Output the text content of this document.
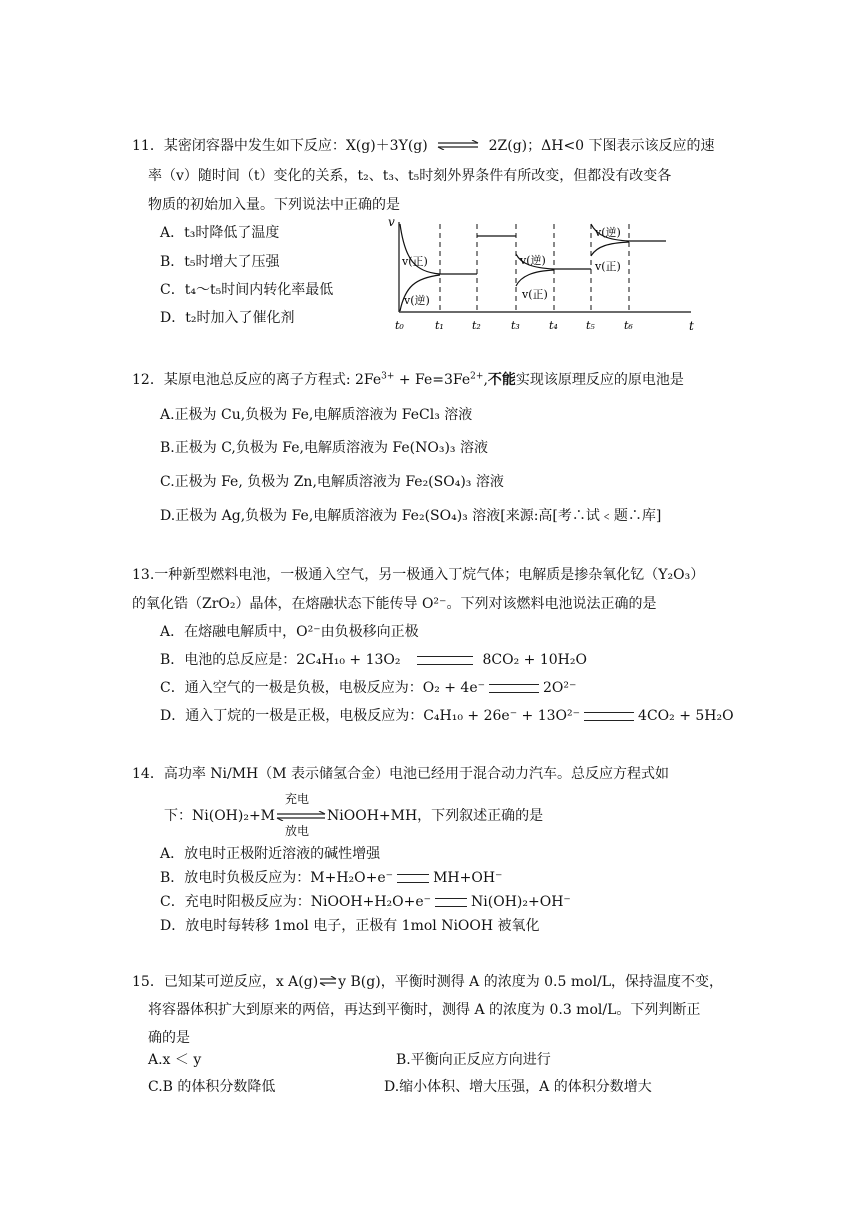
11．某密闭容器中发生如下反应：X(g)＋3Y(g) ⇌ 2Z(g)；ΔH<0 下图表示该反应的速
率（v）随时间（t）变化的关系，t₂、t₃、t₅时刻外界条件有所改变，但都没有改变各
物质的初始加入量。下列说法中正确的是
A．t₃时降低了温度
B．t₅时增大了压强
C．t₄～t₅时间内转化率最低
D．t₂时加入了催化剂
v
t
v(正)
v(逆)
v(逆)
v(正)
v(逆)
v(正)
t₀	t₁	t₂	t₃	t₄	t₅	t₆
12．某原电池总反应的离子方程式: $2Fe^{3+} + Fe=3Fe^{2+}$,不能实现该原理反应的原电池是
A.正极为 Cu,负极为 Fe,电解质溶液为 FeCl₃ 溶液
B.正极为 C,负极为 Fe,电解质溶液为 Fe(NO₃)₃ 溶液
C.正极为 Fe, 负极为 Zn,电解质溶液为 Fe₂(SO₄)₃ 溶液
D.正极为 Ag,负极为 Fe,电解质溶液为 Fe₂(SO₄)₃ 溶液[来源:高[考∴试﹤题∴库]
13.一种新型燃料电池，一极通入空气，另一极通入丁烷气体；电解质是掺杂氧化钇（Y₂O₃）
的氧化锆（ZrO₂）晶体，在熔融状态下能传导 O²⁻。下列对该燃料电池说法正确的是
A．在熔融电解质中，O²⁻由负极移向正极
B．电池的总反应是：2C₄H₁₀ + 13O₂	8CO₂ + 10H₂O
C．通入空气的一极是负极，电极反应为：O₂ + 4e⁻	2O²⁻
D．通入丁烷的一极是正极，电极反应为：C₄H₁₀ + 26e⁻ + 13O²⁻	4CO₂ + 5H₂O
14．高功率 Ni/MH（M 表示储氢合金）电池已经用于混合动力汽车。总反应方程式如
下：Ni(OH)₂+M
充电
放电
NiOOH+MH，下列叙述正确的是
A．放电时正极附近溶液的碱性增强
B．放电时负极反应为：M+H₂O+e⁻	MH+OH⁻
C．充电时阳极反应为：NiOOH+H₂O+e⁻	Ni(OH)₂+OH⁻
D．放电时每转移 1mol 电子，正极有 1mol NiOOH 被氧化
15．已知某可逆反应，x A(g)⇌y B(g)，平衡时测得 A 的浓度为 0.5 mol/L，保持温度不变，
将容器体积扩大到原来的两倍，再达到平衡时，测得 A 的浓度为 0.3 mol/L。下列判断正
确的是
A.x ＜ y	B.平衡向正反应方向进行
C.B 的体积分数降低	D.缩小体积、增大压强，A 的体积分数增大
